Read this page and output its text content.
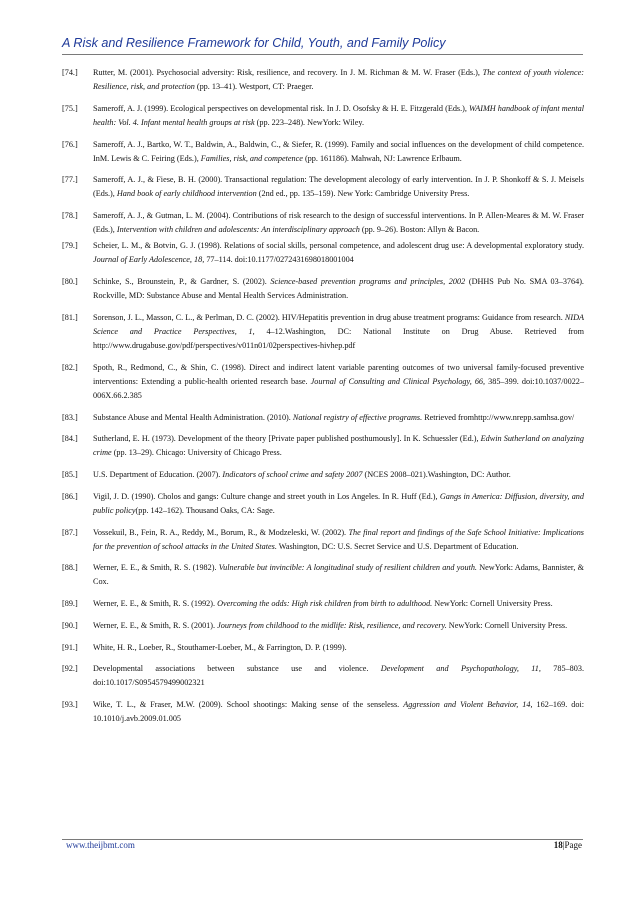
A Risk and Resilience Framework for Child, Youth, and Family Policy
[74.]	Rutter, M. (2001). Psychosocial adversity: Risk, resilience, and recovery. In J. M. Richman & M. W. Fraser (Eds.), The context of youth violence: Resilience, risk, and protection (pp. 13–41). Westport, CT: Praeger.
[75.]	Sameroff, A. J. (1999). Ecological perspectives on developmental risk. In J. D. Osofsky & H. E. Fitzgerald (Eds.), WAIMH handbook of infant mental health: Vol. 4. Infant mental health groups at risk (pp. 223–248). NewYork: Wiley.
[76.]	Sameroff, A. J., Bartko, W. T., Baldwin, A., Baldwin, C., & Siefer, R. (1999). Family and social influences on the development of child competence. InM. Lewis & C. Feiring (Eds.), Families, risk, and competence (pp. 161186). Mahwah, NJ: Lawrence Erlbaum.
[77.]	Sameroff, A. J., & Fiese, B. H. (2000). Transactional regulation: The development alecology of early intervention. In J. P. Shonkoff & S. J. Meisels (Eds.), Hand book of early childhood intervention (2nd ed., pp. 135–159). New York: Cambridge University Press.
[78.]	Sameroff, A. J., & Gutman, L. M. (2004). Contributions of risk research to the design of successful interventions. In P. Allen-Meares & M. W. Fraser (Eds.), Intervention with children and adolescents: An interdisciplinary approach (pp. 9–26). Boston: Allyn & Bacon.
[79.]	Scheier, L. M., & Botvin, G. J. (1998). Relations of social skills, personal competence, and adolescent drug use: A developmental exploratory study. Journal of Early Adolescence, 18, 77–114. doi:10.1177/0272431698018001004
[80.]	Schinke, S., Brounstein, P., & Gardner, S. (2002). Science-based prevention programs and principles, 2002 (DHHS Pub No. SMA 03–3764). Rockville, MD: Substance Abuse and Mental Health Services Administration.
[81.]	Sorenson, J. L., Masson, C. L., & Perlman, D. C. (2002). HIV/Hepatitis prevention in drug abuse treatment programs: Guidance from research. NIDA Science and Practice Perspectives, 1, 4–12.Washington, DC: National Institute on Drug Abuse. Retrieved from http://www.drugabuse.gov/pdf/perspectives/v011n01/02perspectives-hivhep.pdf
[82.]	Spoth, R., Redmond, C., & Shin, C. (1998). Direct and indirect latent variable parenting outcomes of two universal family-focused preventive interventions: Extending a public-health oriented research base. Journal of Consulting and Clinical Psychology, 66, 385–399. doi:10.1037/0022–006X.66.2.385
[83.]	Substance Abuse and Mental Health Administration. (2010). National registry of effective programs. Retrieved fromhttp://www.nrepp.samhsa.gov/
[84.]	Sutherland, E. H. (1973). Development of the theory [Private paper published posthumously]. In K. Schuessler (Ed.), Edwin Sutherland on analyzing crime (pp. 13–29). Chicago: University of Chicago Press.
[85.]	U.S. Department of Education. (2007). Indicators of school crime and safety 2007 (NCES 2008–021).Washington, DC: Author.
[86.]	Vigil, J. D. (1990). Cholos and gangs: Culture change and street youth in Los Angeles. In R. Huff (Ed.), Gangs in America: Diffusion, diversity, and public policy(pp. 142–162). Thousand Oaks, CA: Sage.
[87.]	Vossekuil, B., Fein, R. A., Reddy, M., Borum, R., & Modzeleski, W. (2002). The final report and findings of the Safe School Initiative: Implications for the prevention of school attacks in the United States. Washington, DC: U.S. Secret Service and U.S. Department of Education.
[88.]	Werner, E. E., & Smith, R. S. (1982). Vulnerable but invincible: A longitudinal study of resilient children and youth. NewYork: Adams, Bannister, & Cox.
[89.]	Werner, E. E., & Smith, R. S. (1992). Overcoming the odds: High risk children from birth to adulthood. NewYork: Cornell University Press.
[90.]	Werner, E. E., & Smith, R. S. (2001). Journeys from childhood to the midlife: Risk, resilience, and recovery. NewYork: Cornell University Press.
[91.]	White, H. R., Loeber, R., Stouthamer-Loeber, M., & Farrington, D. P. (1999).
[92.]	Developmental associations between substance use and violence. Development and Psychopathology, 11, 785–803. doi:10.1017/S0954579499002321
[93.]	Wike, T. L., & Fraser, M.W. (2009). School shootings: Making sense of the senseless. Aggression and Violent Behavior, 14, 162–169. doi: 10.1010/j.avb.2009.01.005
www.theijbmt.com	18|Page
